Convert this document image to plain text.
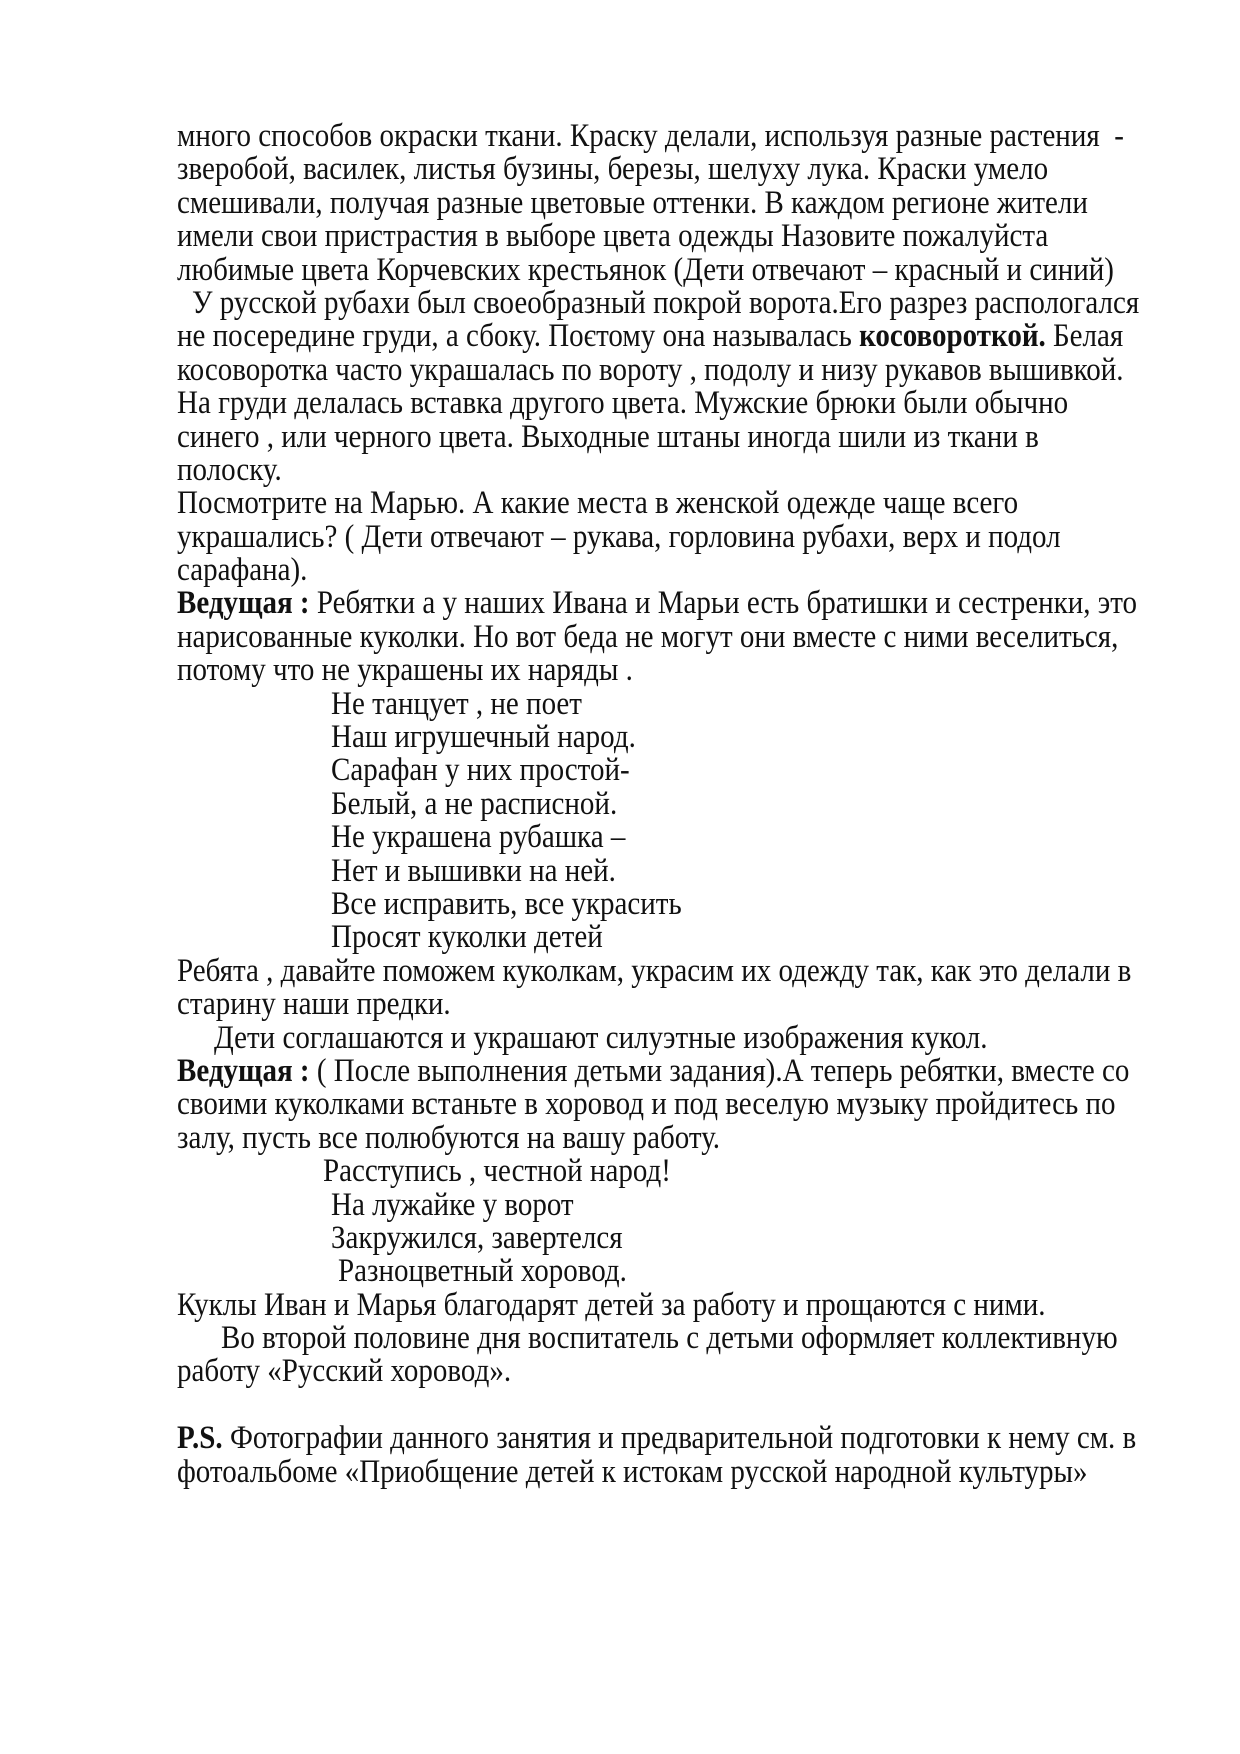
много способов окраски ткани. Краску делали, используя разные растения  -
зверобой, василек, листья бузины, березы, шелуху лука. Краски умело
смешивали, получая разные цветовые оттенки. В каждом регионе жители
имели свои пристрастия в выборе цвета одежды Назовите пожалуйста
любимые цвета Корчевских крестьянок (Дети отвечают – красный и синий)
У русской рубахи был своеобразный покрой ворота.Его разрез распологался
не посередине груди, а сбоку. Поєтому она называлась косовороткой. Белая
косоворотка часто украшалась по вороту , подолу и низу рукавов вышивкой.
На груди делалась вставка другого цвета. Мужские брюки были обычно
синего , или черного цвета. Выходные штаны иногда шили из ткани в
полоску.
Посмотрите на Марью. А какие места в женской одежде чаще всего
украшались? ( Дети отвечают – рукава, горловина рубахи, верх и подол
сарафана).
Ведущая : Ребятки а у наших Ивана и Марьи есть братишки и сестренки, это
нарисованные куколки. Но вот беда не могут они вместе с ними веселиться,
потому что не украшены их наряды .
Не танцует , не поет
Наш игрушечный народ.
Сарафан у них простой-
Белый, а не расписной.
Не украшена рубашка –
Нет и вышивки на ней.
Все исправить, все украсить
Просят куколки детей
Ребята , давайте поможем куколкам, украсим их одежду так, как это делали в
старину наши предки.
Дети соглашаются и украшают силуэтные изображения кукол.
Ведущая : ( После выполнения детьми задания).А теперь ребятки, вместе со
своими куколками встаньте в хоровод и под веселую музыку пройдитесь по
залу, пусть все полюбуются на вашу работу.
Расступись , честной народ!
На лужайке у ворот
Закружился, завертелся
Разноцветный хоровод.
Куклы Иван и Марья благодарят детей за работу и прощаются с ними.
Во второй половине дня воспитатель с детьми оформляет коллективную
работу «Русский хоровод».
P.S. Фотографии данного занятия и предварительной подготовки к нему см. в
фотоальбоме «Приобщение детей к истокам русской народной культуры»
